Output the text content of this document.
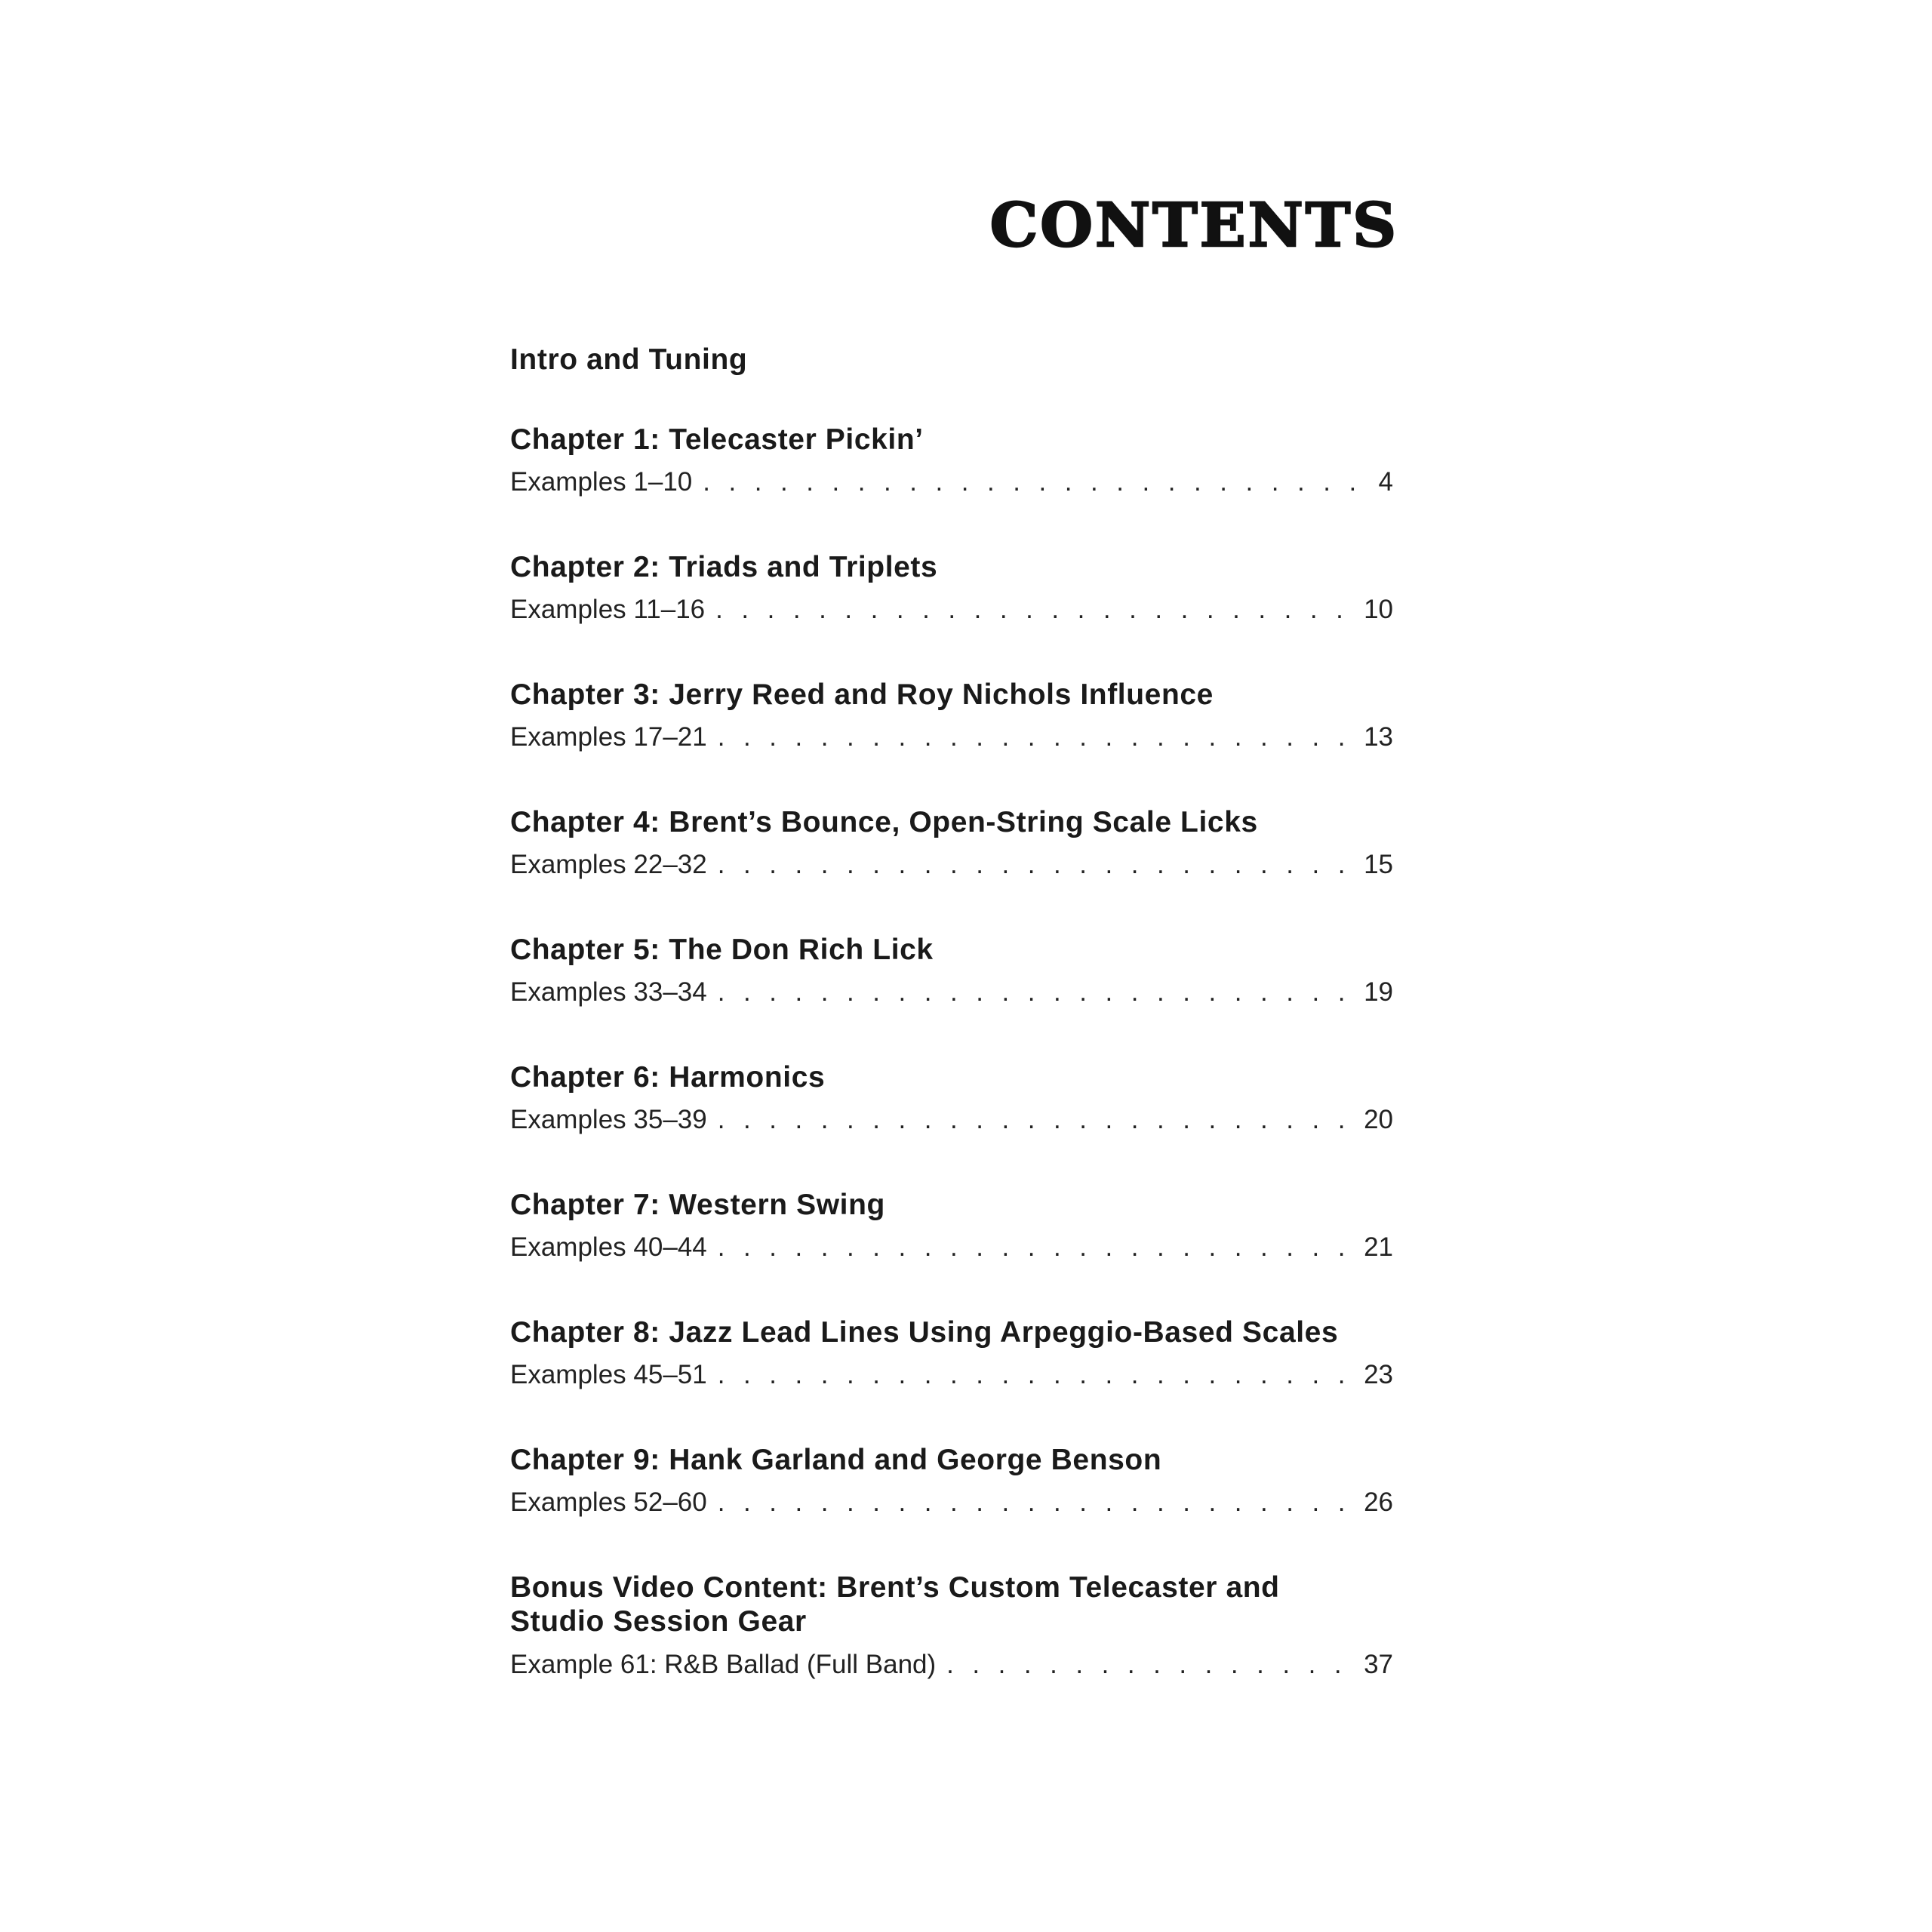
CONTENTS
Intro and Tuning
Chapter 1: Telecaster Pickin’
Examples 1–10 . . .	4
Chapter 2: Triads and Triplets
Examples 11–16 . . .	10
Chapter 3: Jerry Reed and Roy Nichols Influence
Examples 17–21 . . .	13
Chapter 4: Brent’s Bounce, Open-String Scale Licks
Examples 22–32 . . .	15
Chapter 5: The Don Rich Lick
Examples 33–34 . . .	19
Chapter 6: Harmonics
Examples 35–39 . . .	20
Chapter 7: Western Swing
Examples 40–44 . . .	21
Chapter 8: Jazz Lead Lines Using Arpeggio-Based Scales
Examples 45–51 . . .	23
Chapter 9: Hank Garland and George Benson
Examples 52–60 . . .	26
Bonus Video Content: Brent’s Custom Telecaster and
Studio Session Gear
Example 61: R&B Ballad (Full Band) . . .	37
